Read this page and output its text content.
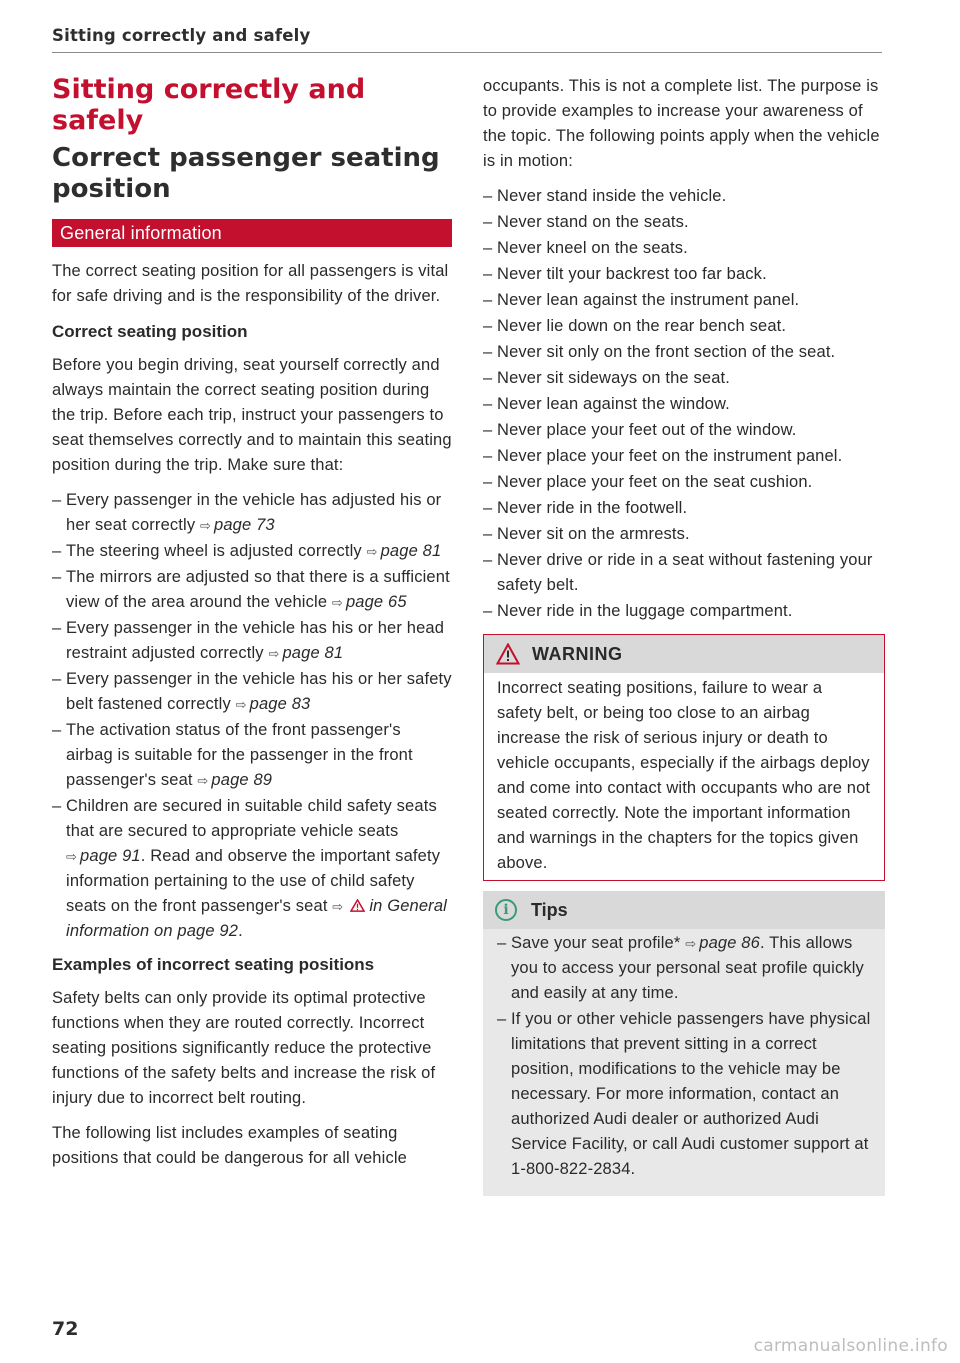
Sitting correctly and safely
Sitting correctly and safely
Correct passenger seating position
General information
The correct seating position for all passengers is vital for safe driving and is the responsibility of the driver.
Correct seating position
Before you begin driving, seat yourself correctly and always maintain the correct seating position during the trip. Before each trip, instruct your passengers to seat themselves correctly and to maintain this seating position during the trip. Make sure that:
– Every passenger in the vehicle has adjusted his or her seat correctly ⇨ page 73
– The steering wheel is adjusted correctly ⇨ page 81
– The mirrors are adjusted so that there is a sufficient view of the area around the vehicle ⇨ page 65
– Every passenger in the vehicle has his or her head restraint adjusted correctly ⇨ page 81
– Every passenger in the vehicle has his or her safety belt fastened correctly ⇨ page 83
– The activation status of the front passenger's airbag is suitable for the passenger in the front passenger's seat ⇨ page 89
– Children are secured in suitable child safety seats that are secured to appropriate vehicle seats ⇨ page 91. Read and observe the important safety information pertaining to the use of child safety seats on the front passenger's seat ⇨ in General information on page 92.
Examples of incorrect seating positions
Safety belts can only provide its optimal protective functions when they are routed correctly. Incorrect seating positions significantly reduce the protective functions of the safety belts and increase the risk of injury due to incorrect belt routing.
The following list includes examples of seating positions that could be dangerous for all vehicle
occupants. This is not a complete list. The purpose is to provide examples to increase your awareness of the topic. The following points apply when the vehicle is in motion:
– Never stand inside the vehicle.
– Never stand on the seats.
– Never kneel on the seats.
– Never tilt your backrest too far back.
– Never lean against the instrument panel.
– Never lie down on the rear bench seat.
– Never sit only on the front section of the seat.
– Never sit sideways on the seat.
– Never lean against the window.
– Never place your feet out of the window.
– Never place your feet on the instrument panel.
– Never place your feet on the seat cushion.
– Never ride in the footwell.
– Never sit on the armrests.
– Never drive or ride in a seat without fastening your safety belt.
– Never ride in the luggage compartment.
WARNING
Incorrect seating positions, failure to wear a safety belt, or being too close to an airbag increase the risk of serious injury or death to vehicle occupants, especially if the airbags deploy and come into contact with occupants who are not seated correctly. Note the important information and warnings in the chapters for the topics given above.
i	Tips
– Save your seat profile* ⇨ page 86. This allows you to access your personal seat profile quickly and easily at any time.
– If you or other vehicle passengers have physical limitations that prevent sitting in a correct position, modifications to the vehicle may be necessary. For more information, contact an authorized Audi dealer or authorized Audi Service Facility, or call Audi customer support at 1-800-822-2834.
72
carmanualsonline.info
